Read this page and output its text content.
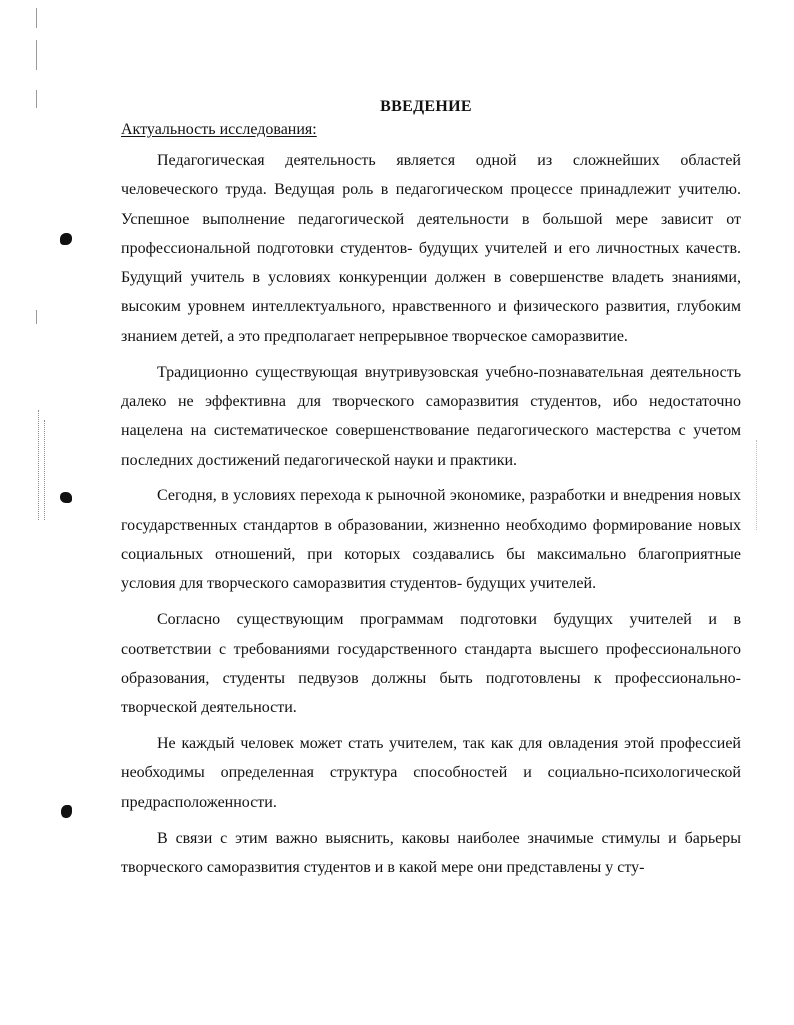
ВВЕДЕНИЕ
Актуальность исследования:

Педагогическая деятельность является одной из сложнейших областей человеческого труда. Ведущая роль в педагогическом процессе принадлежит учителю. Успешное выполнение педагогической деятельности в большой мере зависит от профессиональной подготовки студентов- будущих учителей и его личностных качеств. Будущий учитель в условиях конкуренции должен в совершенстве владеть знаниями, высоким уровнем интеллектуального, нравственного и физического развития, глубоким знанием детей, а это предполагает непрерывное творческое саморазвитие.

Традиционно существующая внутривузовская учебно-познавательная деятельность далеко не эффективна для творческого саморазвития студентов, ибо недостаточно нацелена на систематическое совершенствование педагогического мастерства с учетом последних достижений педагогической науки и практики.

Сегодня, в условиях перехода к рыночной экономике, разработки и внедрения новых государственных стандартов в образовании, жизненно необходимо формирование новых социальных отношений, при которых создавались бы максимально благоприятные условия для творческого саморазвития студентов- будущих учителей.

Согласно существующим программам подготовки будущих учителей и в соответствии с требованиями государственного стандарта высшего профессионального образования, студенты педвузов должны быть подготовлены к профессионально-творческой деятельности.

Не каждый человек может стать учителем, так как для овладения этой профессией необходимы определенная структура способностей и социально-психологической предрасположенности.

В связи с этим важно выяснить, каковы наиболее значимые стимулы и барьеры творческого саморазвития студентов и в какой мере они представлены у сту-
